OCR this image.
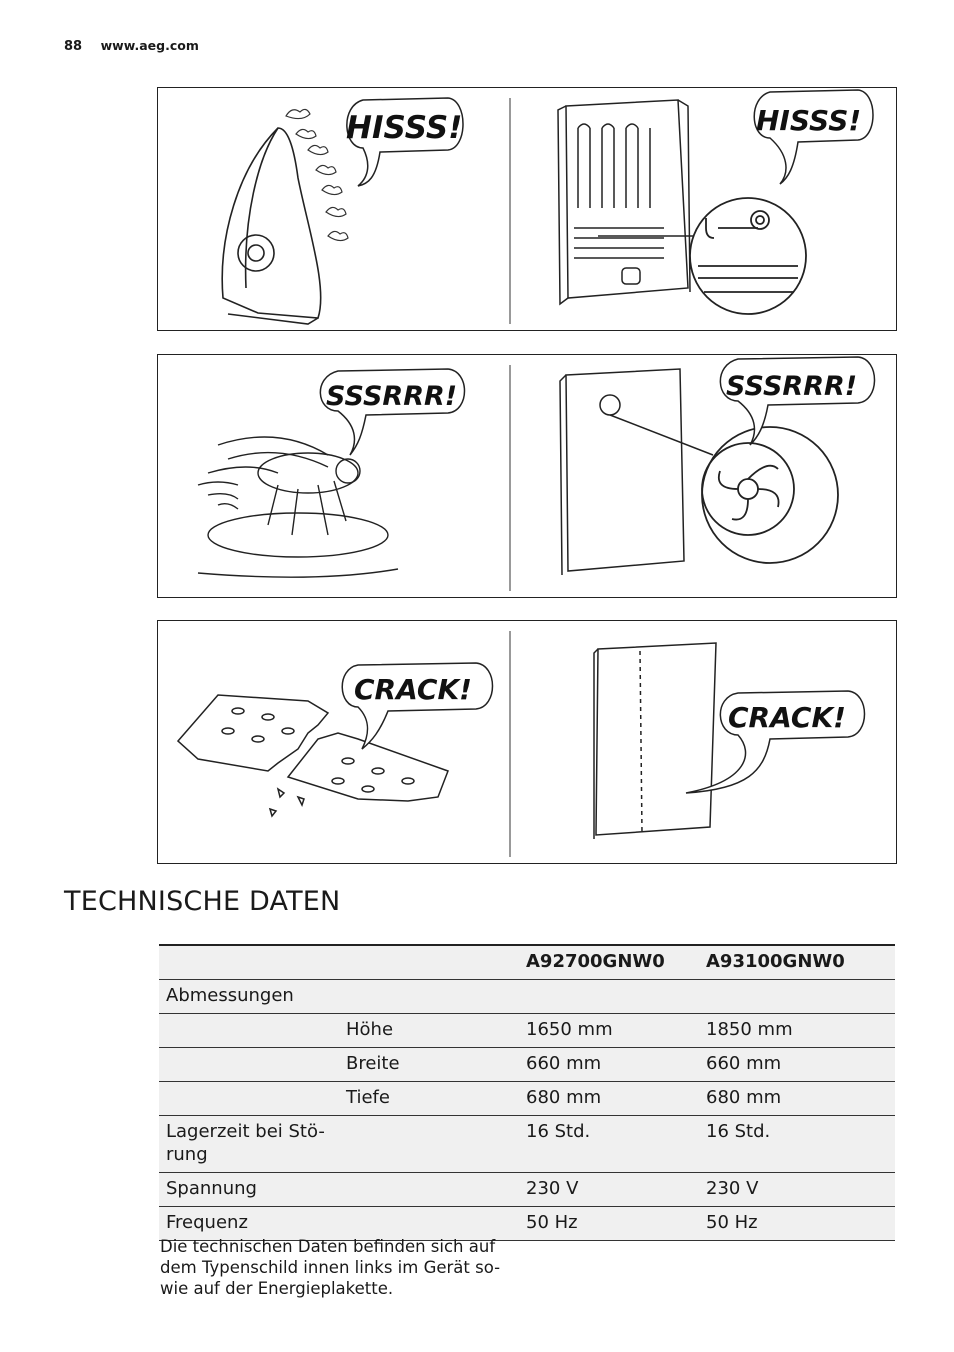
88 www.aeg.com
HISSS!	HISSS!
SSSRRR!	SSSRRR!
CRACK!
CRACK!
TECHNISCHE DATEN
		A92700GNW0	A93100GNW0
Abmessungen			
	Höhe	1650 mm	1850 mm
	Breite	660 mm	660 mm
	Tiefe	680 mm	680 mm
Lagerzeit bei Stö-
rung		16 Std.	16 Std.
Spannung		230 V	230 V
Frequenz		50 Hz	50 Hz
Die technischen Daten befinden sich auf dem Typenschild innen links im Gerät so-wie auf der Energieplakette.
